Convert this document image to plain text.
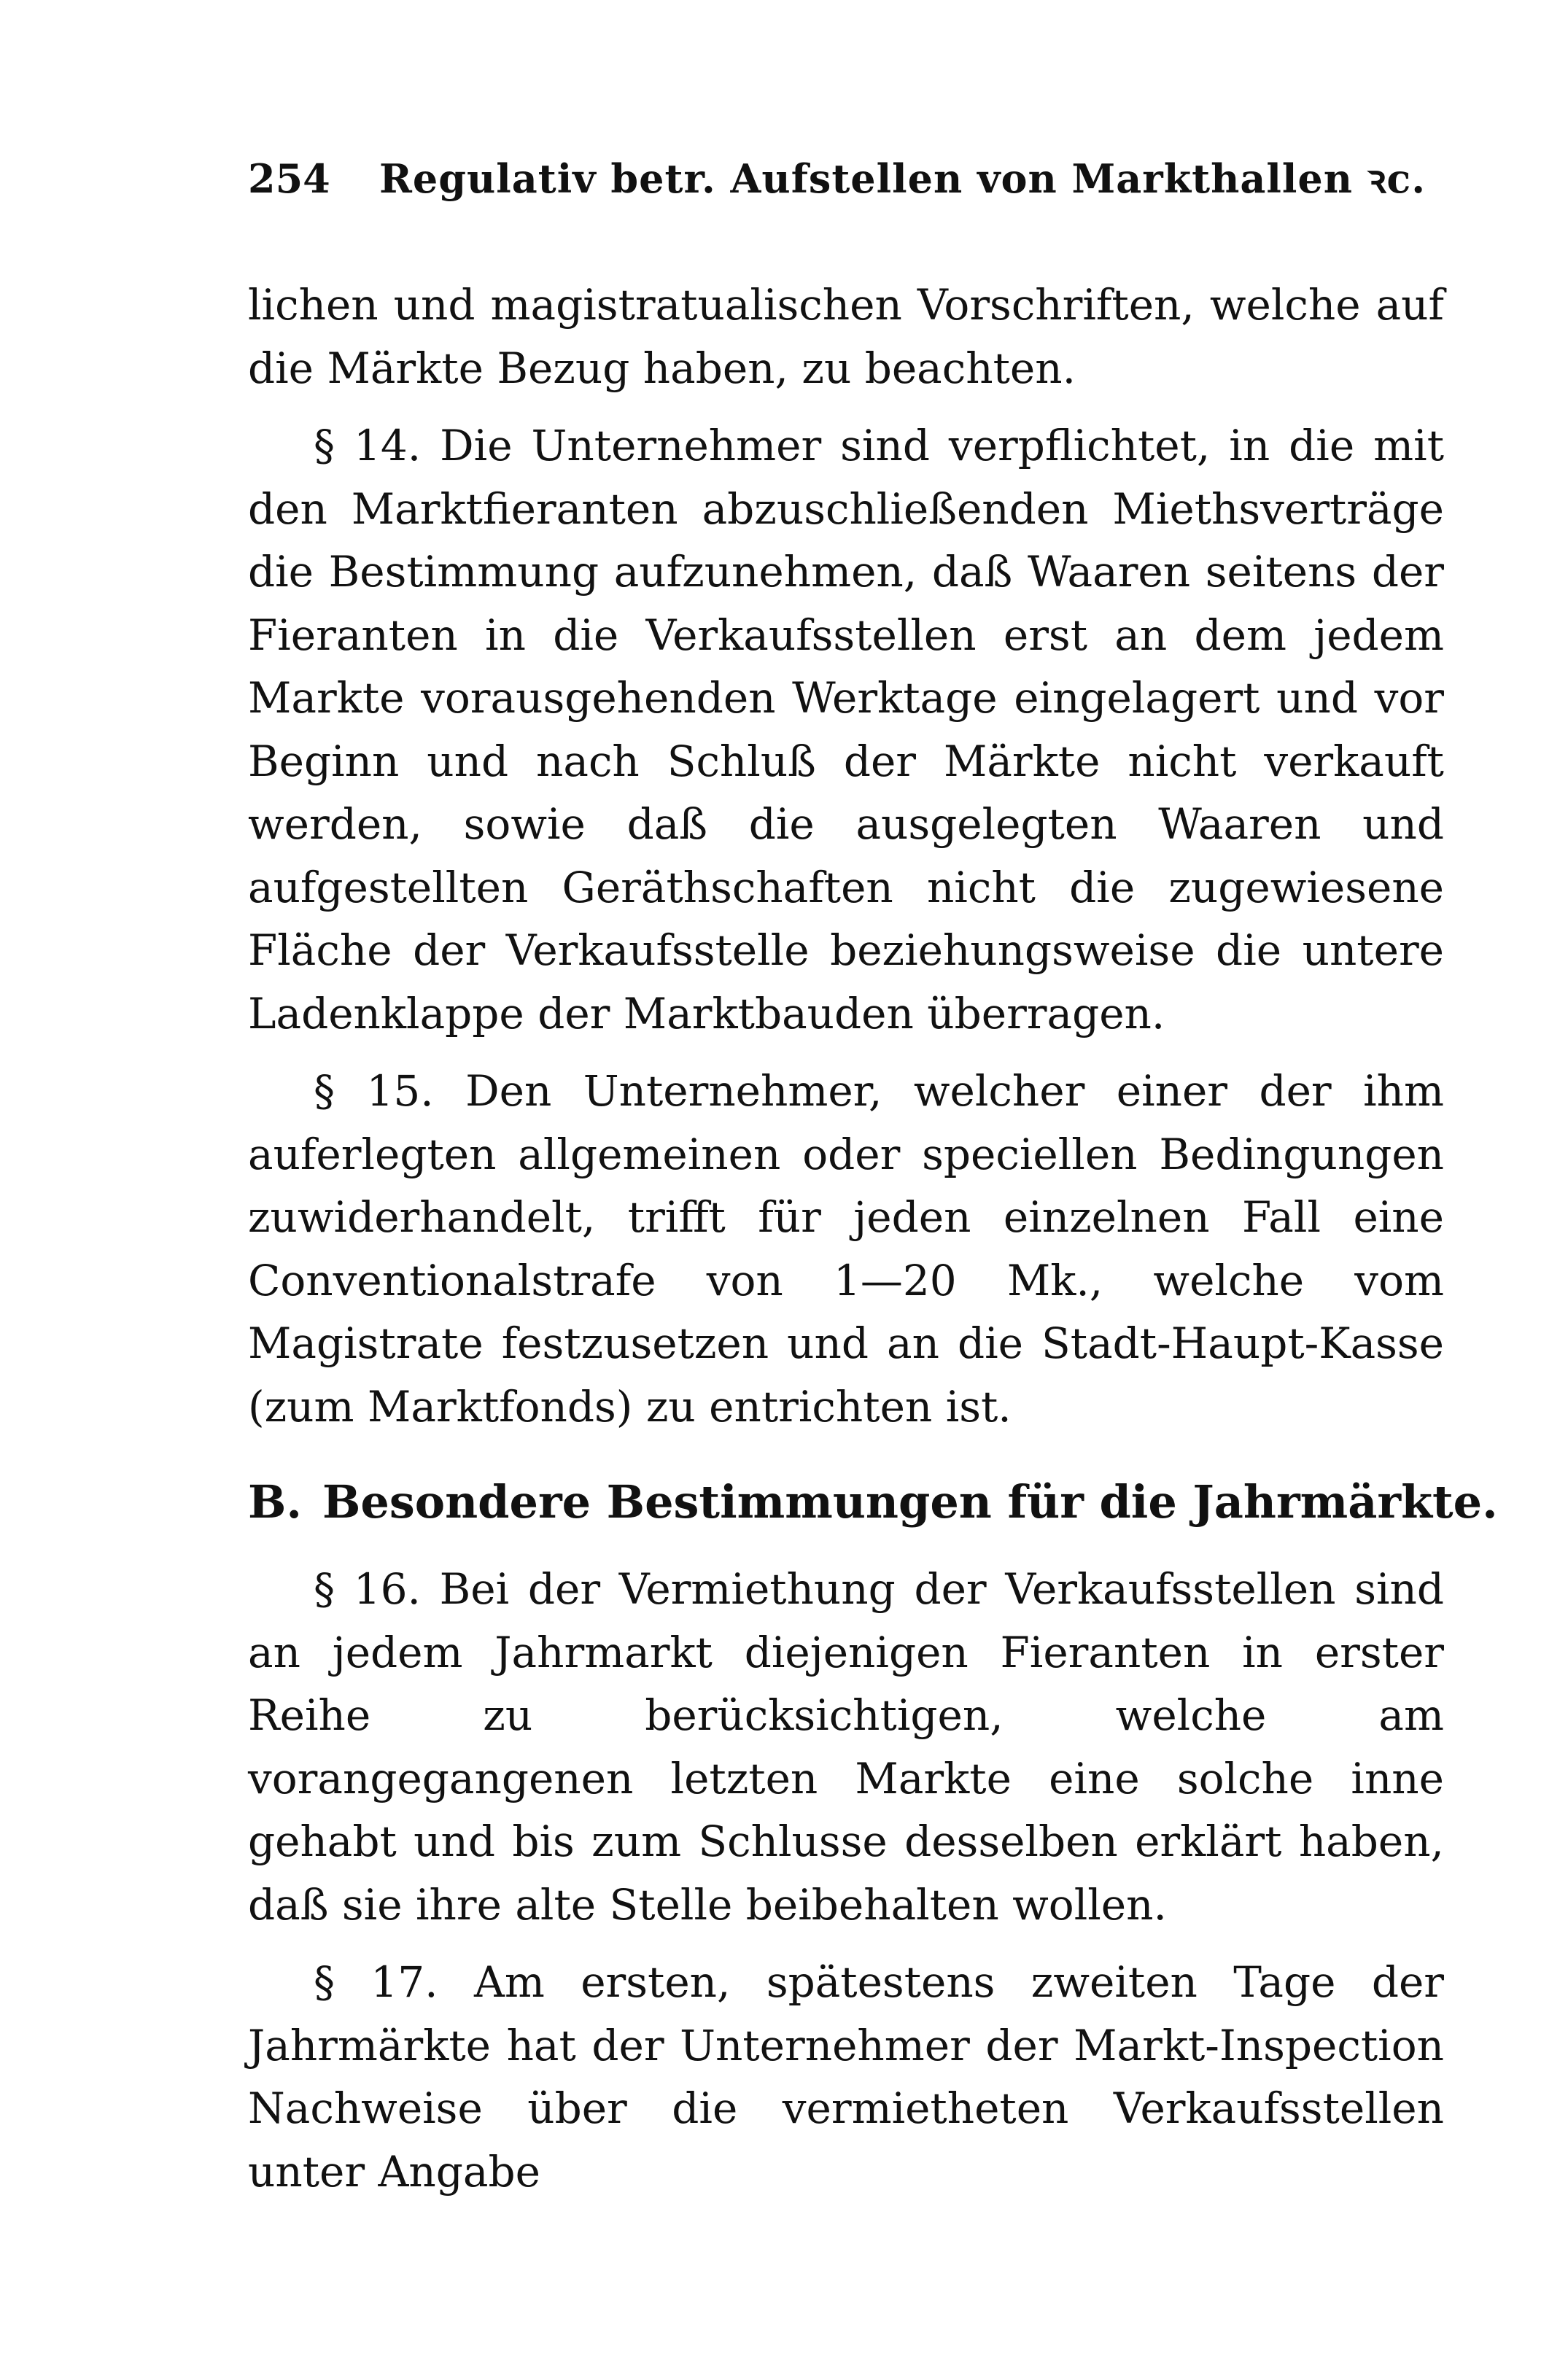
254 Regulativ betr. Aufstellen von Markthallen ꝛc.

lichen und magistratualischen Vorschriften, welche auf die Märkte Bezug haben, zu beachten.

§ 14. Die Unternehmer sind verpflichtet, in die mit den Marktfieranten abzuschließenden Miethsverträge die Bestimmung aufzunehmen, daß Waaren seitens der Fieranten in die Verkaufsstellen erst an dem jedem Markte vorausgehenden Werktage eingelagert und vor Beginn und nach Schluß der Märkte nicht verkauft werden, sowie daß die ausgelegten Waaren und aufgestellten Geräthschaften nicht die zugewiesene Fläche der Verkaufsstelle beziehungsweise die untere Ladenklappe der Marktbauden überragen.

§ 15. Den Unternehmer, welcher einer der ihm auferlegten allgemeinen oder speciellen Bedingungen zuwiderhandelt, trifft für jeden einzelnen Fall eine Conventionalstrafe von 1—20 Mk., welche vom Magistrate festzusetzen und an die Stadt-Haupt-Kasse (zum Marktfonds) zu entrichten ist.

B. Besondere Bestimmungen für die Jahrmärkte.

§ 16. Bei der Vermiethung der Verkaufsstellen sind an jedem Jahrmarkt diejenigen Fieranten in erster Reihe zu berücksichtigen, welche am vorangegangenen letzten Markte eine solche inne gehabt und bis zum Schlusse desselben erklärt haben, daß sie ihre alte Stelle beibehalten wollen.

§ 17. Am ersten, spätestens zweiten Tage der Jahrmärkte hat der Unternehmer der Markt-Inspection Nachweise über die vermietheten Verkaufsstellen unter Angabe
